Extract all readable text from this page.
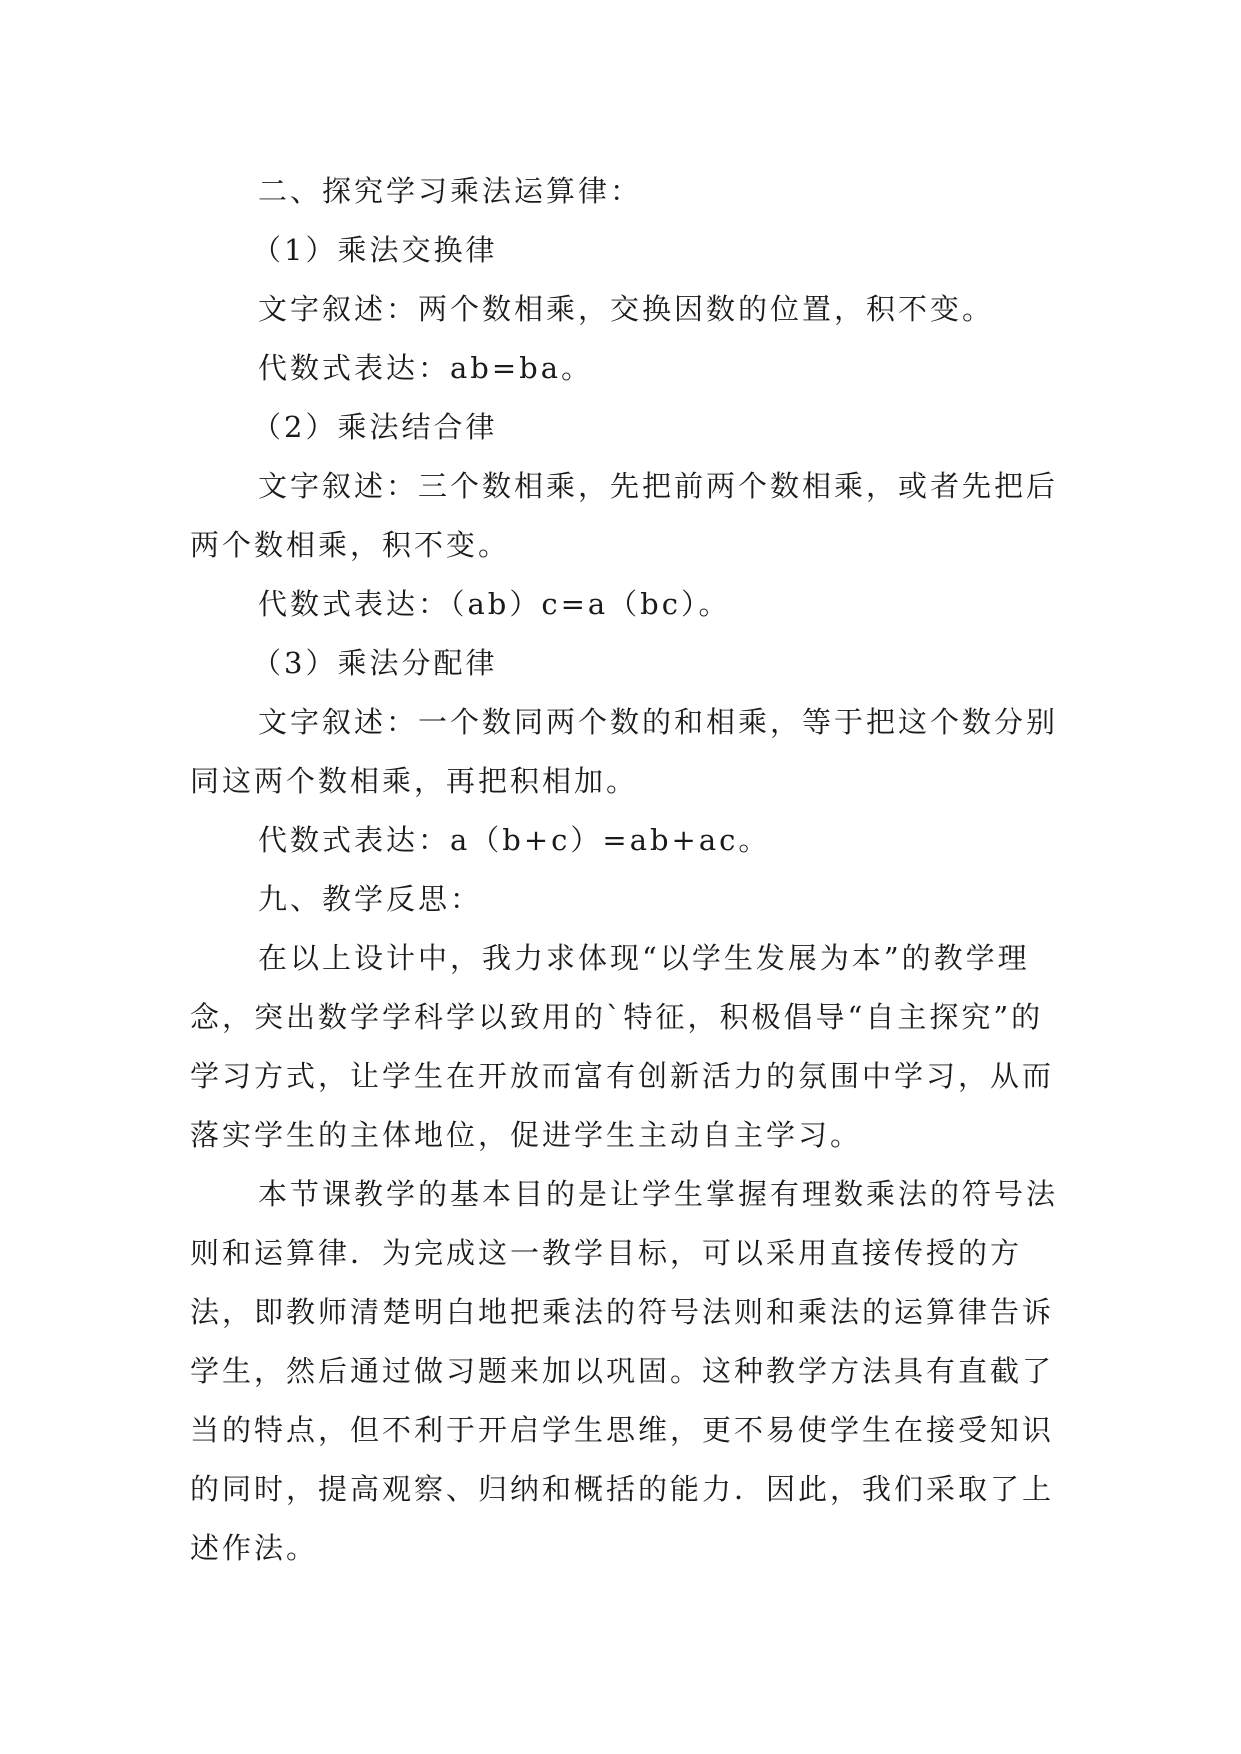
二、探究学习乘法运算律：

（1）乘法交换律

文字叙述：两个数相乘，交换因数的位置，积不变。

代数式表达：ab=ba。

（2）乘法结合律

文字叙述：三个数相乘，先把前两个数相乘，或者先把后两个数相乘，积不变。

代数式表达：（ab）c=a（bc）。

（3）乘法分配律

文字叙述：一个数同两个数的和相乘，等于把这个数分别同这两个数相乘，再把积相加。

代数式表达：a（b+c）=ab+ac。

九、教学反思：

在以上设计中，我力求体现“以学生发展为本”的教学理念，突出数学学科学以致用的`特征，积极倡导“自主探究”的学习方式，让学生在开放而富有创新活力的氛围中学习，从而落实学生的主体地位，促进学生主动自主学习。

本节课教学的基本目的是让学生掌握有理数乘法的符号法则和运算律．为完成这一教学目标，可以采用直接传授的方法，即教师清楚明白地把乘法的符号法则和乘法的运算律告诉学生，然后通过做习题来加以巩固。这种教学方法具有直截了当的特点，但不利于开启学生思维，更不易使学生在接受知识的同时，提高观察、归纳和概括的能力．因此，我们采取了上述作法。
